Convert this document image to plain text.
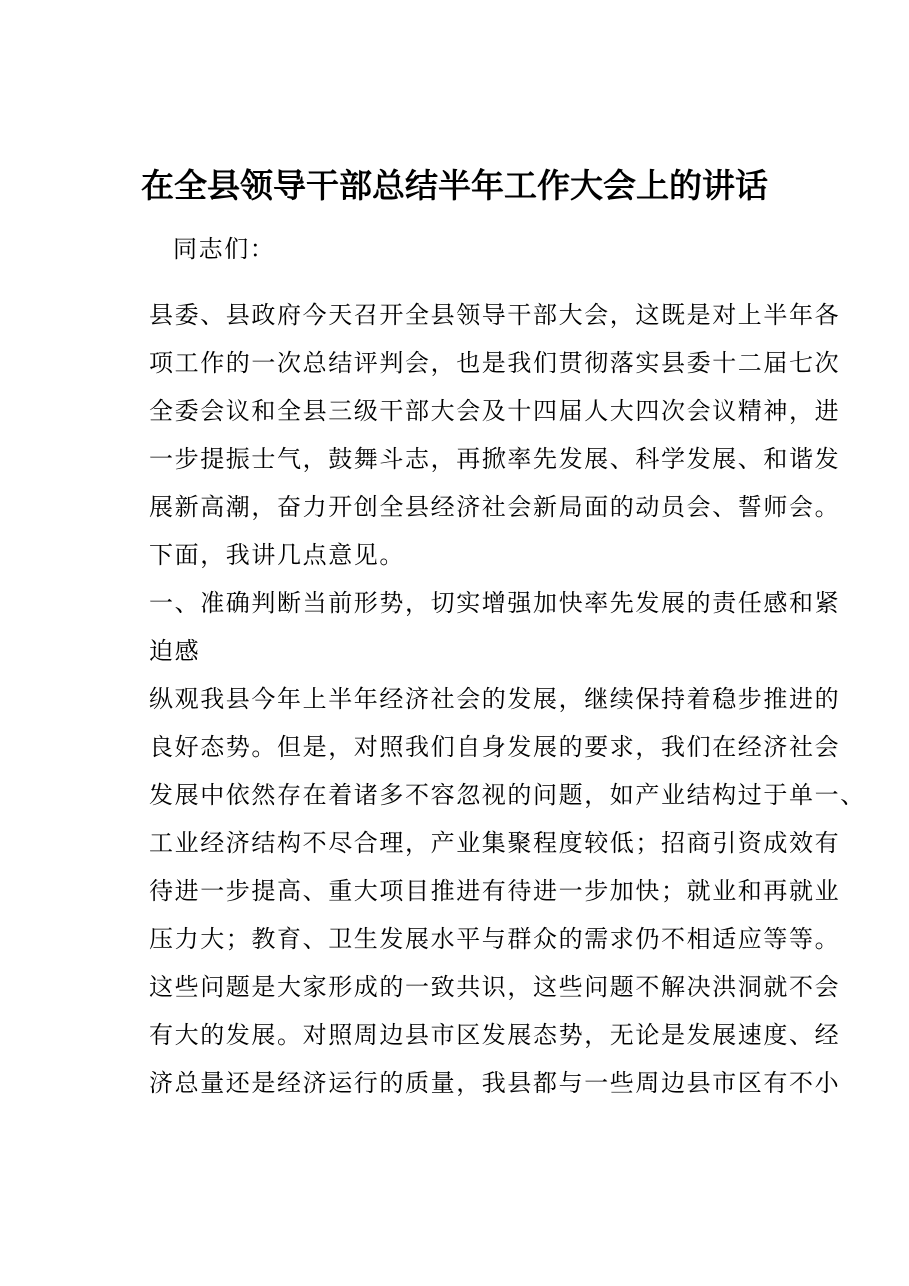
在全县领导干部总结半年工作大会上的讲话
同志们：
县委、县政府今天召开全县领导干部大会，这既是对上半年各
项工作的一次总结评判会，也是我们贯彻落实县委十二届七次
全委会议和全县三级干部大会及十四届人大四次会议精神，进
一步提振士气，鼓舞斗志，再掀率先发展、科学发展、和谐发
展新高潮，奋力开创全县经济社会新局面的动员会、誓师会。
下面，我讲几点意见。
一、准确判断当前形势，切实增强加快率先发展的责任感和紧
迫感
纵观我县今年上半年经济社会的发展，继续保持着稳步推进的
良好态势。但是，对照我们自身发展的要求，我们在经济社会
发展中依然存在着诸多不容忽视的问题，如产业结构过于单一、
工业经济结构不尽合理，产业集聚程度较低；招商引资成效有
待进一步提高、重大项目推进有待进一步加快；就业和再就业
压力大；教育、卫生发展水平与群众的需求仍不相适应等等。
这些问题是大家形成的一致共识，这些问题不解决洪洞就不会
有大的发展。对照周边县市区发展态势，无论是发展速度、经
济总量还是经济运行的质量，我县都与一些周边县市区有不小
